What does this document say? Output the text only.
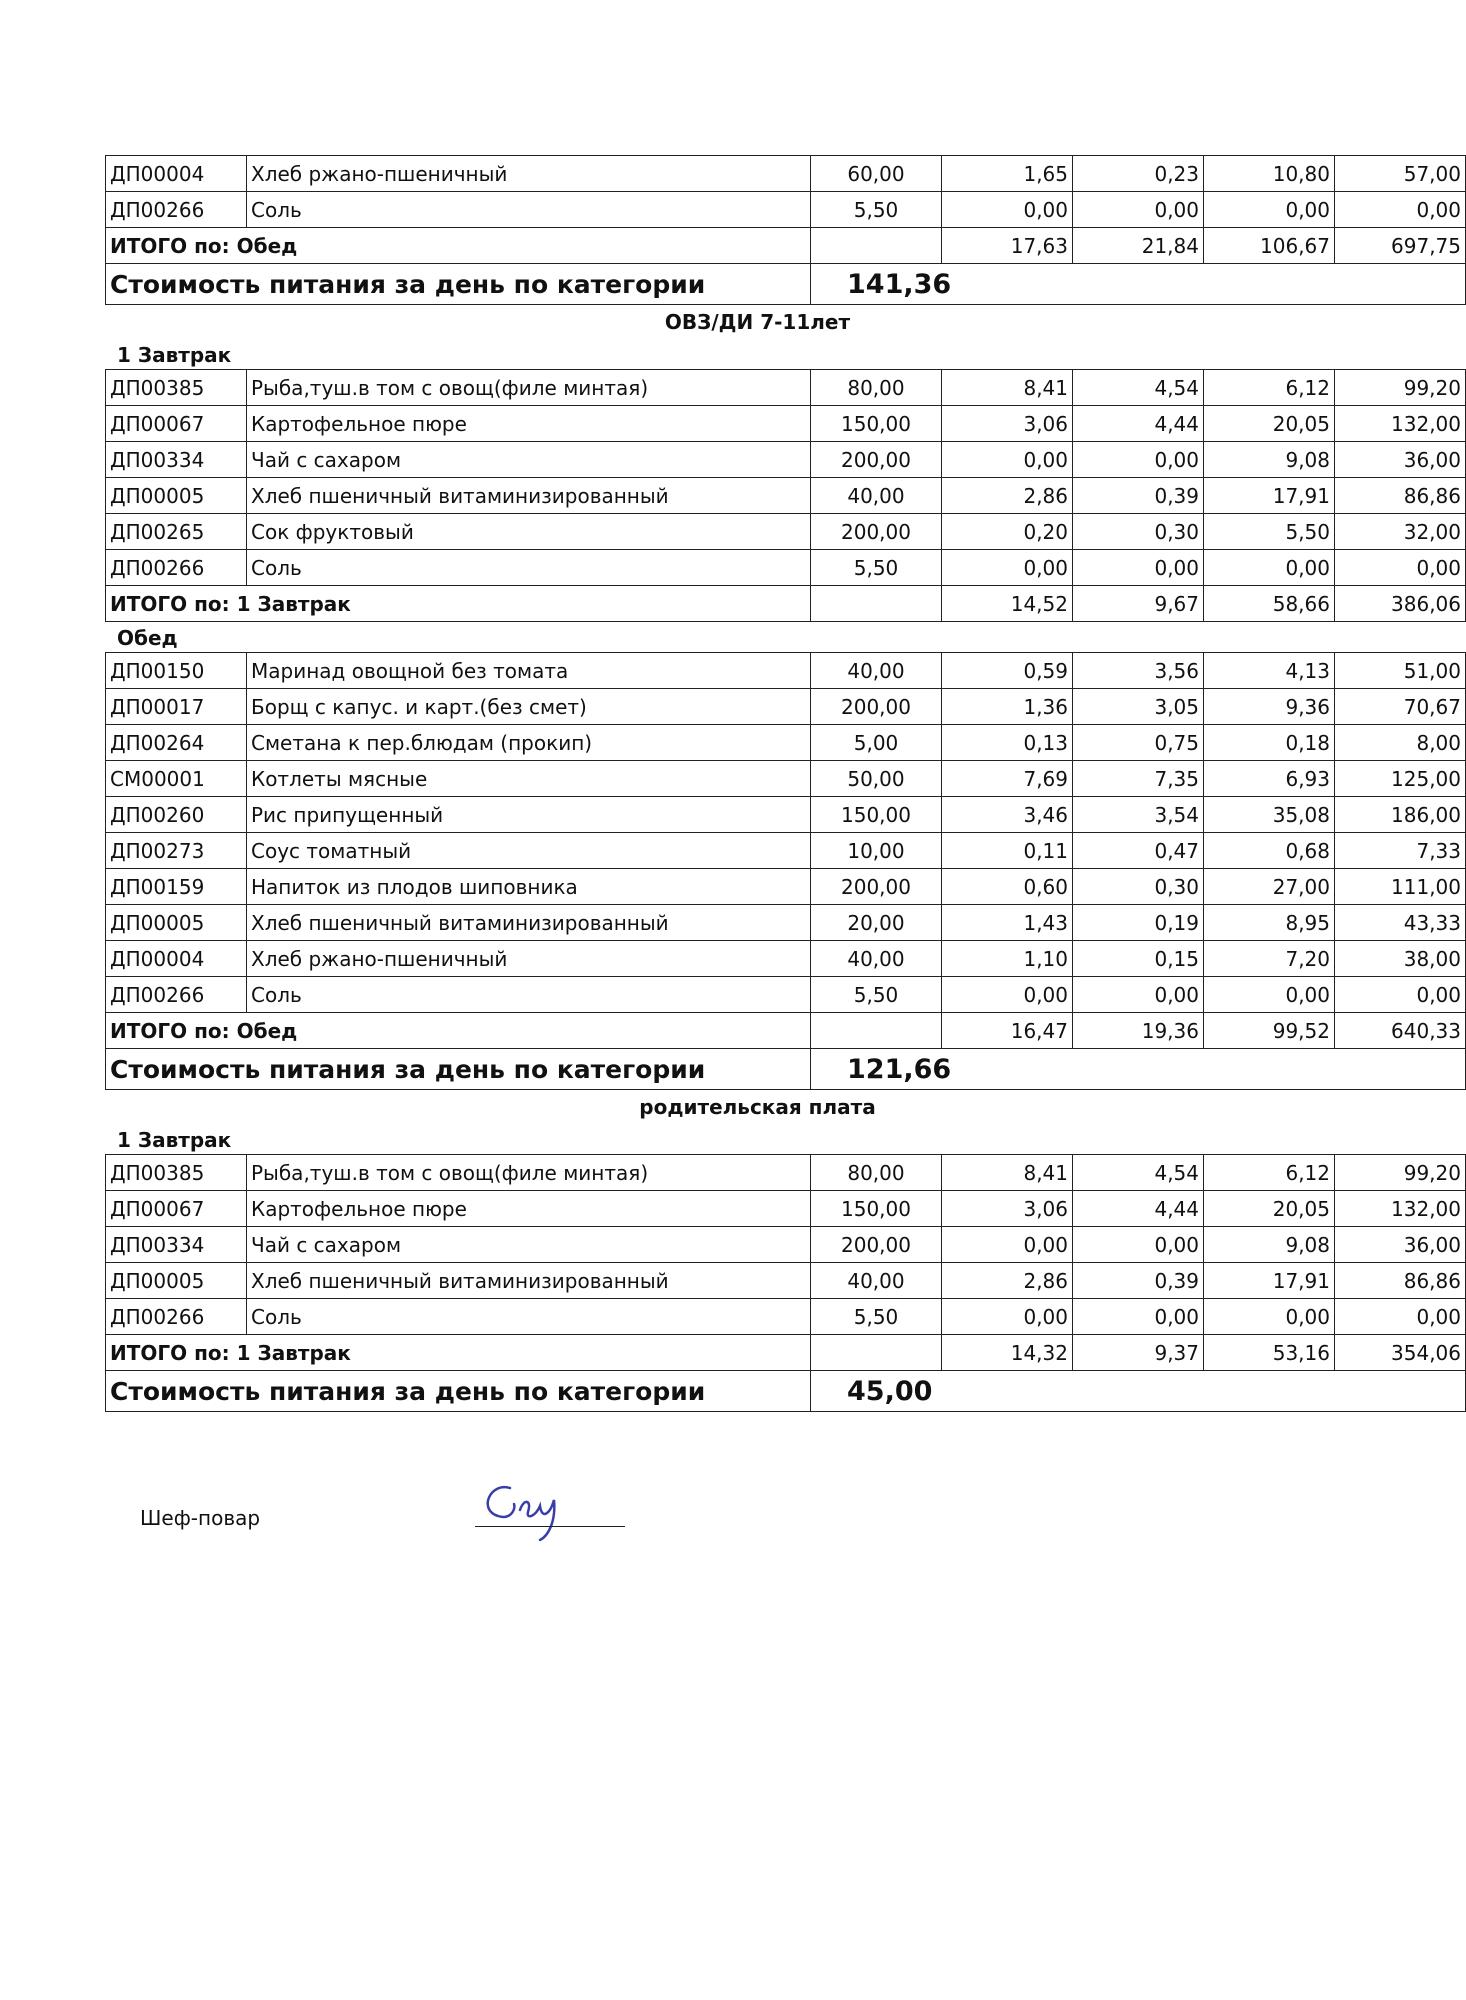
ДП00004	Хлеб ржано-пшеничный	60,00	1,65	0,23	10,80	57,00
ДП00266	Соль	5,50	0,00	0,00	0,00	0,00
ИТОГО по: Обед			17,63	21,84	106,67	697,75
Стоимость питания за день по категории		141,36				
ОВЗ/ДИ 7-11лет
1 Завтрак
ДП00385	Рыба,туш.в том с овощ(филе минтая)	80,00	8,41	4,54	6,12	99,20
ДП00067	Картофельное пюре	150,00	3,06	4,44	20,05	132,00
ДП00334	Чай с сахаром	200,00	0,00	0,00	9,08	36,00
ДП00005	Хлеб пшеничный витаминизированный	40,00	2,86	0,39	17,91	86,86
ДП00265	Сок фруктовый	200,00	0,20	0,30	5,50	32,00
ДП00266	Соль	5,50	0,00	0,00	0,00	0,00
ИТОГО по: 1 Завтрак			14,52	9,67	58,66	386,06
Обед
ДП00150	Маринад овощной без томата	40,00	0,59	3,56	4,13	51,00
ДП00017	Борщ с капус. и карт.(без смет)	200,00	1,36	3,05	9,36	70,67
ДП00264	Сметана к пер.блюдам (прокип)	5,00	0,13	0,75	0,18	8,00
СМ00001	Котлеты мясные	50,00	7,69	7,35	6,93	125,00
ДП00260	Рис припущенный	150,00	3,46	3,54	35,08	186,00
ДП00273	Соус томатный	10,00	0,11	0,47	0,68	7,33
ДП00159	Напиток из плодов шиповника	200,00	0,60	0,30	27,00	111,00
ДП00005	Хлеб пшеничный витаминизированный	20,00	1,43	0,19	8,95	43,33
ДП00004	Хлеб ржано-пшеничный	40,00	1,10	0,15	7,20	38,00
ДП00266	Соль	5,50	0,00	0,00	0,00	0,00
ИТОГО по: Обед			16,47	19,36	99,52	640,33
Стоимость питания за день по категории		121,66				
родительская плата
1 Завтрак
ДП00385	Рыба,туш.в том с овощ(филе минтая)	80,00	8,41	4,54	6,12	99,20
ДП00067	Картофельное пюре	150,00	3,06	4,44	20,05	132,00
ДП00334	Чай с сахаром	200,00	0,00	0,00	9,08	36,00
ДП00005	Хлеб пшеничный витаминизированный	40,00	2,86	0,39	17,91	86,86
ДП00266	Соль	5,50	0,00	0,00	0,00	0,00
ИТОГО по: 1 Завтрак			14,32	9,37	53,16	354,06
Стоимость питания за день по категории		45,00				
Шеф-повар
